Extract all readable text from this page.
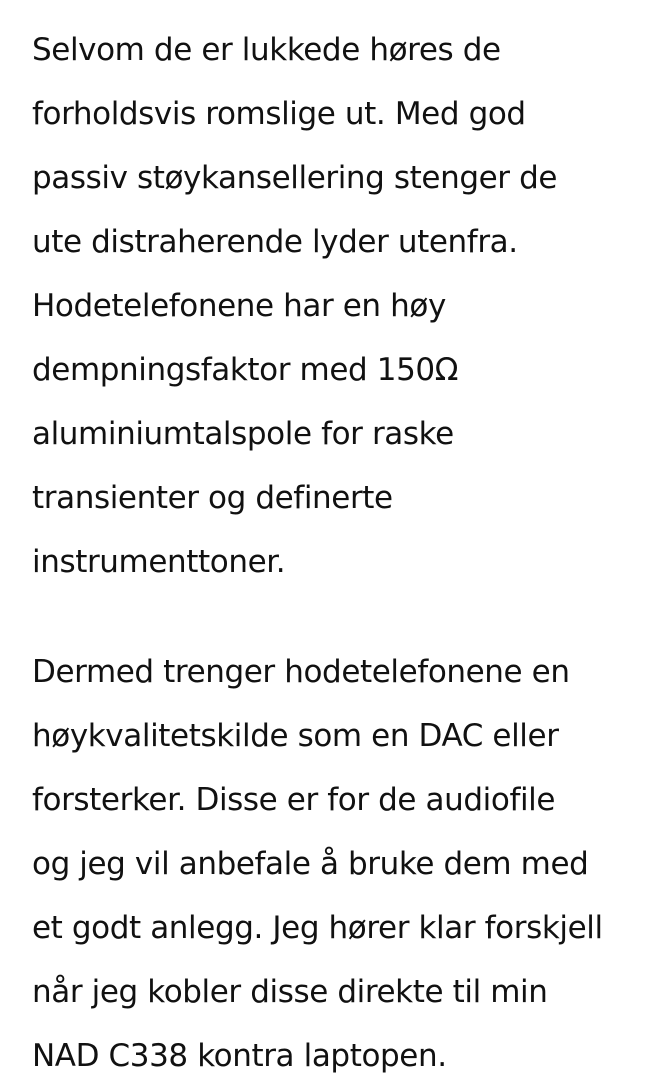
Selvom de er lukkede høres de
forholdsvis romslige ut. Med god
passiv støykansellering stenger de
ute distraherende lyder utenfra.
Hodetelefonene har en høy
dempningsfaktor med 150Ω
aluminiumtalspole for raske
transienter og definerte
instrumenttoner.

Dermed trenger hodetelefonene en
høykvalitetskilde som en DAC eller
forsterker. Disse er for de audiofile
og jeg vil anbefale å bruke dem med
et godt anlegg. Jeg hører klar forskjell
når jeg kobler disse direkte til min
NAD C338 kontra laptopen.
